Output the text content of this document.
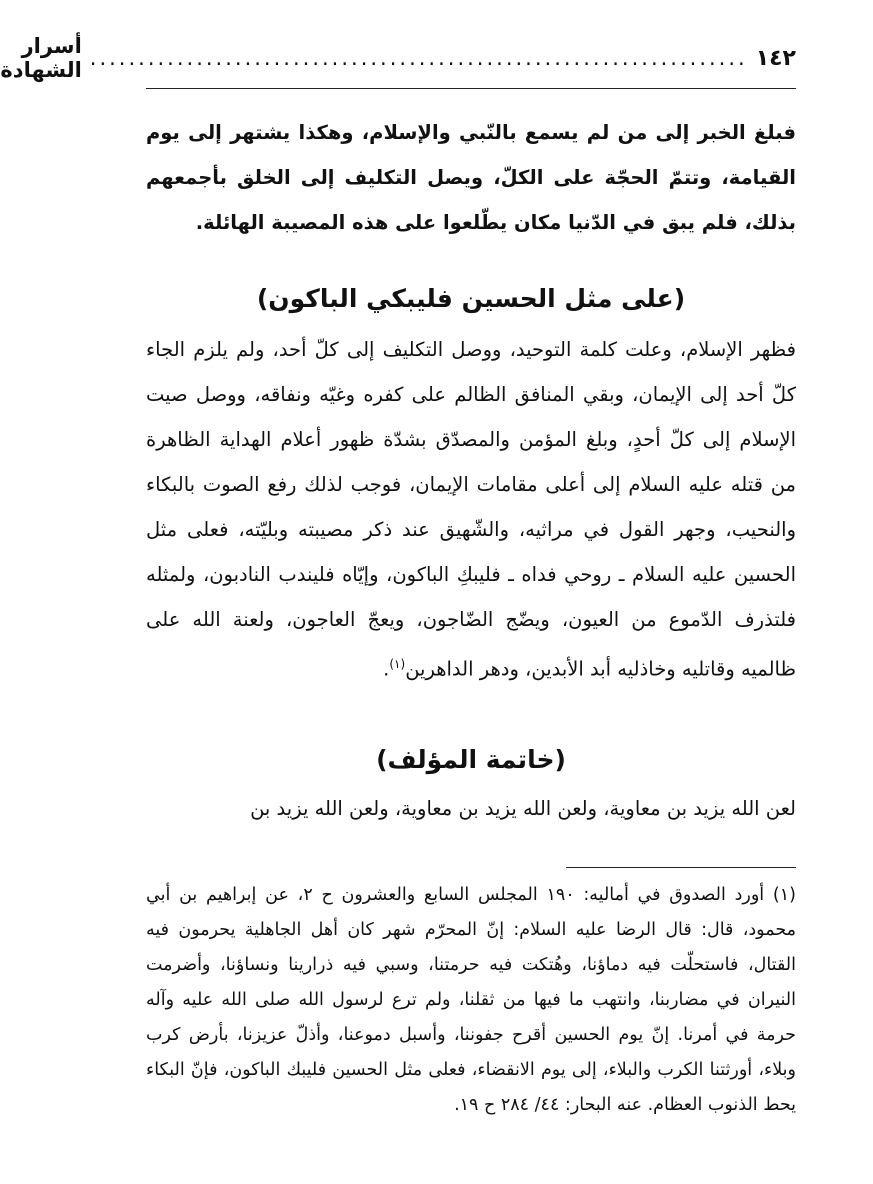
١٤٢
....................................................................
أسرار الشهادة

فبلغ الخبر إلى من لم يسمع بالنّبي والإسلام، وهكذا يشتهر إلى يوم القيامة، وتتمّ الحجّة على الكلّ، ويصل التكليف إلى الخلق بأجمعهم بذلك، فلم يبق في الدّنيا مكان يطّلعوا على هذه المصيبة الهائلة.

(على مثل الحسين فليبكي الباكون)

فظهر الإسلام، وعلت كلمة التوحيد، ووصل التكليف إلى كلّ أحد، ولم يلزم الجاء كلّ أحد إلى الإيمان، وبقي المنافق الظالم على كفره وغيّه ونفاقه، ووصل صيت الإسلام إلى كلّ أحدٍ، وبلغ المؤمن والمصدّق بشدّة ظهور أعلام الهداية الظاهرة من قتله عليه السلام إلى أعلى مقامات الإيمان، فوجب لذلك رفع الصوت بالبكاء والنحيب، وجهر القول في مراثيه، والشّهيق عند ذكر مصيبته وبليّته، فعلى مثل الحسين عليه السلام ـ روحي فداه ـ فليبكِ الباكون، وإيّاه فليندب النادبون، ولمثله فلتذرف الدّموع من العيون، ويضّج الضّاجون، ويعجّ العاجون، ولعنة الله على ظالميه وقاتليه وخاذليه أبد الأبدين، ودهر الداهرين$^{(١)}$.

(خاتمة المؤلف)

لعن الله يزيد بن معاوية، ولعن الله يزيد بن معاوية، ولعن الله يزيد بن

(١) أورد الصدوق في أماليه: ١٩٠ المجلس السابع والعشرون ح ٢، عن إبراهيم بن أبي محمود، قال: قال الرضا عليه السلام: إنّ المحرّم شهر كان أهل الجاهلية يحرمون فيه القتال، فاستحلّت فيه دماؤنا، وهُتكت فيه حرمتنا، وسبي فيه ذرارينا ونساؤنا، وأضرمت النيران في مضاربنا، وانتهب ما فيها من ثقلنا، ولم ترع لرسول الله صلى الله عليه وآله حرمة في أمرنا. إنّ يوم الحسين أقرح جفوننا، وأسبل دموعنا، وأذلّ عزيزنا، بأرض كرب وبلاء، أورثتنا الكرب والبلاء، إلى يوم الانقضاء، فعلى مثل الحسين فليبك الباكون، فإنّ البكاء يحط الذنوب العظام. عنه البحار: ٤٤/ ٢٨٤ ح ١٩.
